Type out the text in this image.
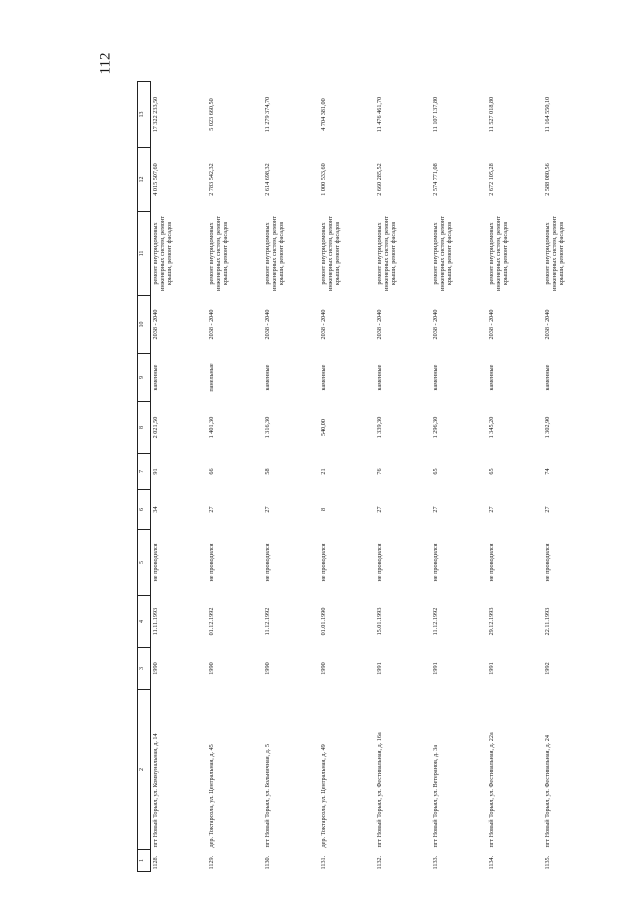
112
1	2	3	4	5	6	7	8	9	10	11	12	13
1128.	пгт Новый Торьял, ул. Коммунальная, д. 14	1990	11.11.1993	не проводился	34	91	2 021,50	каменные	2038 - 2040	ремонт внутридомовых инженерных систем, ремонт крыши, ремонт фасадов	4 015 507,60	17 322 233,50
1129.	дер. Токтарсола, ул. Центральная, д. 45	1990	01.12.1992	не проводился	27	66	1 401,30	панельные	2038 - 2040	ремонт внутридомовых инженерных систем, ремонт крыши, ремонт фасадов	2 783 542,32	5 023 660,50
1130.	пгт Новый Торьял, ул. Больничная, д. 5	1990	11.12.1992	не проводился	27	58	1 316,30	каменные	2038 - 2040	ремонт внутридомовых инженерных систем, ремонт крыши, ремонт фасадов	2 614 698,32	11 279 374,70
1131.	дер. Токтарсола, ул. Центральная, д. 49	1990	01.01.1990	не проводился	8	21	540,00	каменные	2038 - 2040	ремонт внутридомовых инженерных систем, ремонт крыши, ремонт фасадов	1 000 533,60	4 704 381,00
1132.	пгт Новый Торьял, ул. Фестивальная, д. 16а	1991	15.01.1993	не проводился	27	76	1 339,30	каменные	2038 - 2040	ремонт внутридомовых инженерных систем, ремонт крыши, ремонт фасадов	2 660 285,52	11 476 461,70
1133.	пгт Новый Торьял, ул. Ветеранов, д. 3а	1991	11.12.1992	не проводился	27	65	1 296,30	каменные	2038 - 2040	ремонт внутридомовых инженерных систем, ремонт крыши, ремонт фасадов	2 574 771,08	11 107 137,80
1134.	пгт Новый Торьял, ул. Фестивальная, д. 22а	1991	29.12.1993	не проводился	27	65	1 345,20	каменные	2038 - 2040	ремонт внутридомовых инженерных систем, ремонт крыши, ремонт фасадов	2 672 105,28	11 527 018,80
1135.	пгт Новый Торьял, ул. Фестивальная, д. 24	1992	22.11.1993	не проводился	27	74	1 302,90	каменные	2038 - 2040	ремонт внутридомовых инженерных систем, ремонт крыши, ремонт фасадов	2 588 080,56	11 164 550,10
